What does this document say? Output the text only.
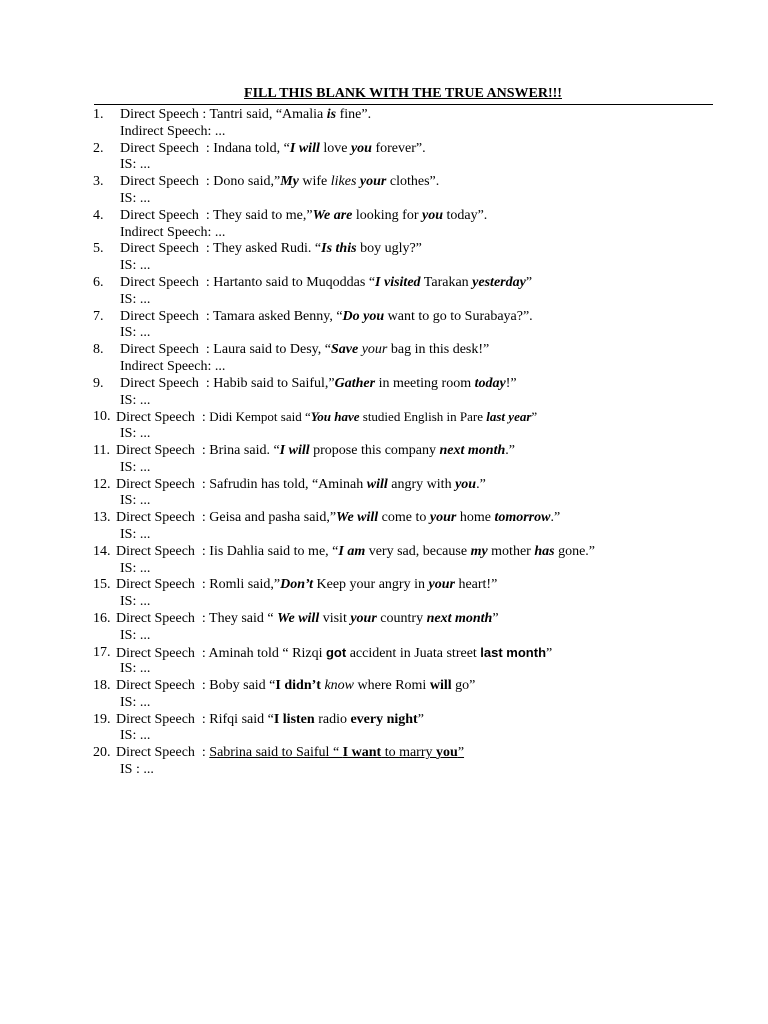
FILL THIS BLANK WITH THE TRUE ANSWER!!!
1. Direct Speech : Tantri said, “Amalia is fine”.
Indirect Speech: ...
2. Direct Speech  : Indana told, “I will love you forever”.
IS: ...
3. Direct Speech  : Dono said,”My wife likes your clothes”.
IS: ...
4. Direct Speech  : They said to me,”We are looking for you today”.
Indirect Speech: ...
5. Direct Speech  : They asked Rudi. “Is this boy ugly?”
IS: ...
6. Direct Speech  : Hartanto said to Muqoddas “I visited Tarakan yesterday”
IS: ...
7. Direct Speech  : Tamara asked Benny, “Do you want to go to Surabaya?”.
IS: ...
8. Direct Speech  : Laura said to Desy, “Save your bag in this desk!”
Indirect Speech: ...
9. Direct Speech  : Habib said to Saiful,”Gather in meeting room today!”
IS: ...
10. Direct Speech  : Didi Kempot said “You have studied English in Pare last year”
IS: ...
11. Direct Speech  : Brina said. “I will propose this company next month.”
IS: ...
12. Direct Speech  : Safrudin has told, “Aminah will angry with you.”
IS: ...
13. Direct Speech  : Geisa and pasha said,”We will come to your home tomorrow.”
IS: ...
14. Direct Speech  : Iis Dahlia said to me, “I am very sad, because my mother has gone.”
IS: ...
15. Direct Speech  : Romli said,”Don’t Keep your angry in your heart!”
IS: ...
16. Direct Speech  : They said “ We will visit your country next month”
IS: ...
17. Direct Speech  : Aminah told “ Rizqi got accident in Juata street last month”
IS: ...
18. Direct Speech  : Boby said “I didn’t know where Romi will go”
IS: ...
19. Direct Speech  : Rifqi said “I listen radio every night”
IS: ...
20. Direct Speech  : Sabrina said to Saiful “ I want to marry you”
IS : ...
